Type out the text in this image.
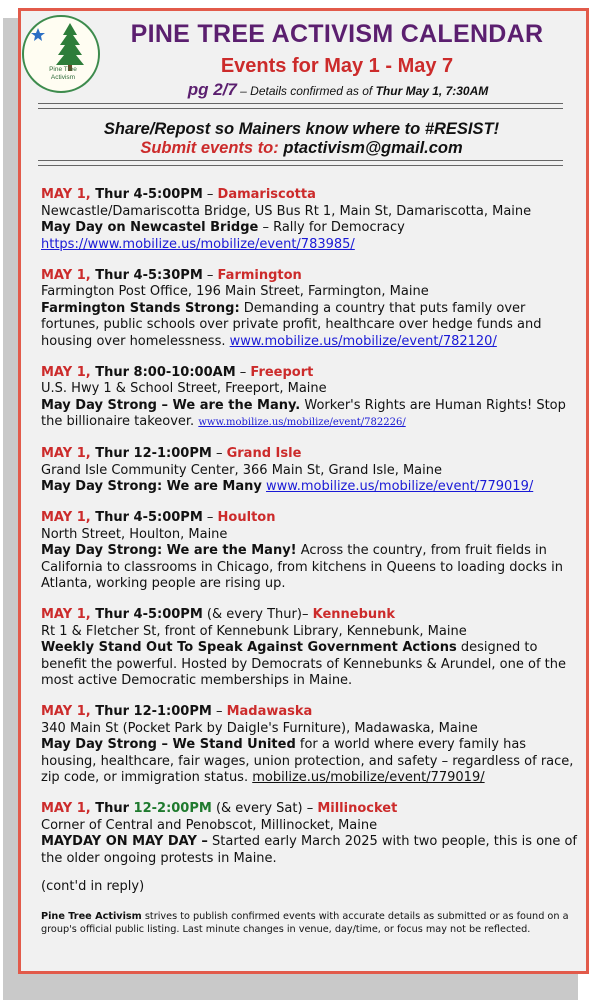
Pine Tree
Activism
PINE TREE ACTIVISM CALENDAR
Events for May 1 - May 7
pg 2/7 – Details confirmed as of Thur May 1, 7:30AM
Share/Repost so Mainers know where to #RESIST!
Submit events to: ptactivism@gmail.com
MAY 1, Thur 4-5:00PM – Damariscotta
Newcastle/Damariscotta Bridge, US Bus Rt 1, Main St, Damariscotta, Maine
May Day on Newcastel Bridge – Rally for Democracy
https://www.mobilize.us/mobilize/event/783985/
MAY 1, Thur 4-5:30PM – Farmington
Farmington Post Office, 196 Main Street, Farmington, Maine
Farmington Stands Strong: Demanding a country that puts family over fortunes, public schools over private profit, healthcare over hedge funds and housing over homelessness. www.mobilize.us/mobilize/event/782120/
MAY 1, Thur 8:00-10:00AM – Freeport
U.S. Hwy 1 & School Street, Freeport, Maine
May Day Strong – We are the Many. Worker's Rights are Human Rights! Stop the billionaire takeover. www.mobilize.us/mobilize/event/782226/
MAY 1, Thur 12-1:00PM – Grand Isle
Grand Isle Community Center, 366 Main St, Grand Isle, Maine
May Day Strong: We are Many www.mobilize.us/mobilize/event/779019/
MAY 1, Thur 4-5:00PM – Houlton
North Street, Houlton, Maine
May Day Strong: We are the Many! Across the country, from fruit fields in California to classrooms in Chicago, from kitchens in Queens to loading docks in Atlanta, working people are rising up.
MAY 1, Thur 4-5:00PM (& every Thur)– Kennebunk
Rt 1 & Fletcher St, front of Kennebunk Library, Kennebunk, Maine
Weekly Stand Out To Speak Against Government Actions designed to benefit the powerful. Hosted by Democrats of Kennebunks & Arundel, one of the most active Democratic memberships in Maine.
MAY 1, Thur 12-1:00PM – Madawaska
340 Main St (Pocket Park by Daigle's Furniture), Madawaska, Maine
May Day Strong – We Stand United for a world where every family has housing, healthcare, fair wages, union protection, and safety – regardless of race, zip code, or immigration status. mobilize.us/mobilize/event/779019/
MAY 1, Thur 12-2:00PM (& every Sat) – Millinocket
Corner of Central and Penobscot, Millinocket, Maine
MAYDAY ON MAY DAY – Started early March 2025 with two people, this is one of the older ongoing protests in Maine.
(cont'd in reply)
Pine Tree Activism strives to publish confirmed events with accurate details as submitted or as found on a group's official public listing. Last minute changes in venue, day/time, or focus may not be reflected.
